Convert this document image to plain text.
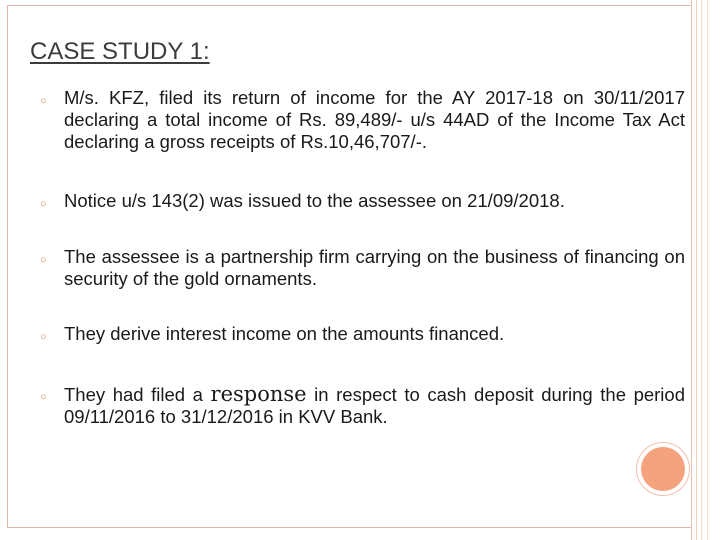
CASE STUDY 1:
○ M/s. KFZ, filed its return of income for the AY 2017-18 on 30/11/2017 declaring a total income of Rs. 89,489/- u/s 44AD of the Income Tax Act declaring a gross receipts of Rs.10,46,707/-.
○ Notice u/s 143(2) was issued to the assessee on 21/09/2018.
○ The assessee is a partnership firm carrying on the business of financing on security of the gold ornaments.
○ They derive interest income on the amounts financed.
○ They had filed a response in respect to cash deposit during the period 09/11/2016 to 31/12/2016 in KVV Bank.
